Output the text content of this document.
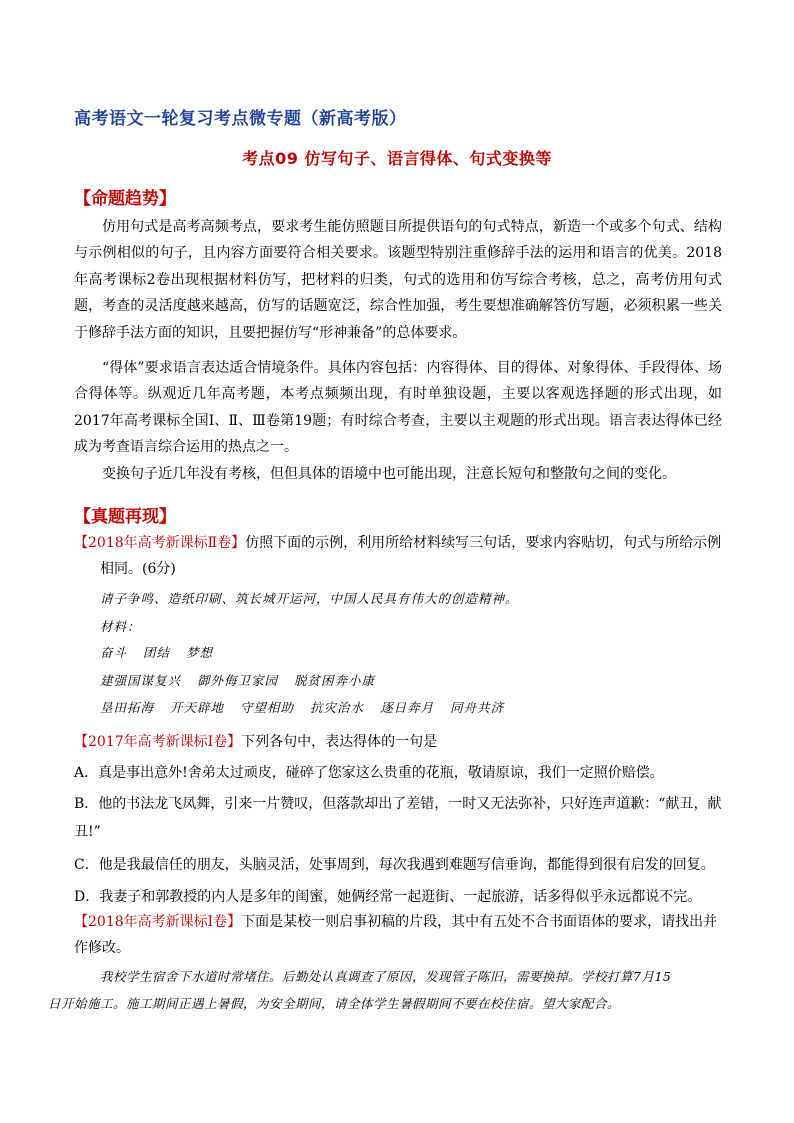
高考语文一轮复习考点微专题（新高考版）
考点09 仿写句子、语言得体、句式变换等
【命题趋势】

仿用句式是高考高频考点，要求考生能仿照题目所提供语句的句式特点，新造一个或多个句式、结构与示例相似的句子，且内容方面要符合相关要求。该题型特别注重修辞手法的运用和语言的优美。2018年高考课标2卷出现根据材料仿写，把材料的归类，句式的选用和仿写综合考核，总之，高考仿用句式题，考查的灵活度越来越高，仿写的话题宽泛，综合性加强，考生要想准确解答仿写题，必须积累一些关于修辞手法方面的知识，且要把握仿写“形神兼备”的总体要求。

“得体”要求语言表达适合情境条件。具体内容包括：内容得体、目的得体、对象得体、手段得体、场合得体等。纵观近几年高考题，本考点频频出现，有时单独设题，主要以客观选择题的形式出现，如2017年高考课标全国Ⅰ、Ⅱ、Ⅲ卷第19题；有时综合考查，主要以主观题的形式出现。语言表达得体已经成为考查语言综合运用的热点之一。

变换句子近几年没有考核，但但具体的语境中也可能出现，注意长短句和整散句之间的变化。

【真题再现】

【2018年高考新课标Ⅱ卷】仿照下面的示例，利用所给材料续写三句话，要求内容贴切，句式与所给示例
相同。(6分)

请子争鸣、造纸印刷、筑长城开运河，中国人民具有伟大的创造精神。
材料：
奋斗 团结 梦想
建强国谋复兴 御外侮卫家园 脱贫困奔小康
垦田拓海 开天辟地 守望相助 抗灾治水 逐日奔月 同舟共济

【2017年高考新课标Ⅰ卷】下列各句中，表达得体的一句是

A．真是事出意外!舍弟太过顽皮，碰碎了您家这么贵重的花瓶，敬请原谅，我们一定照价赔偿。

B．他的书法龙飞凤舞，引来一片赞叹，但落款却出了差错，一时又无法弥补，只好连声道歉：“献丑，献
丑!”

C．他是我最信任的朋友，头脑灵活，处事周到，每次我遇到难题写信垂询，都能得到很有启发的回复。

D．我妻子和郭教授的内人是多年的闺蜜，她俩经常一起逛街、一起旅游，话多得似乎永远都说不完。

【2018年高考新课标Ⅰ卷】下面是某校一则启事初稿的片段，其中有五处不合书面语体的要求，请找出并
作修改。

我校学生宿舍下水道时常堵住。后勤处认真调查了原因，发现管子陈旧，需要换掉。学校打算7月15
日开始施工。施工期间正遇上暑假，为安全期间，请全体学生暑假期间不要在校住宿。望大家配合。
